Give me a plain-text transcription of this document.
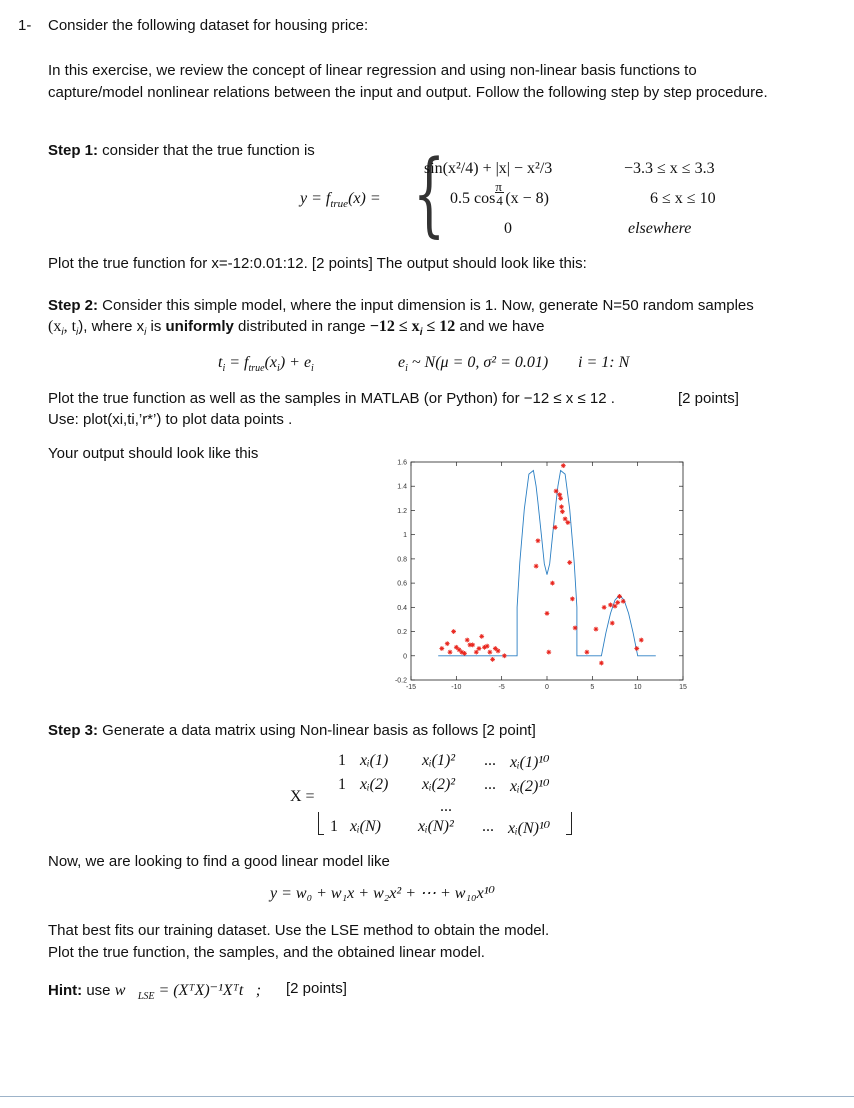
1- Consider the following dataset for housing price:
In this exercise, we review the concept of linear regression and using non-linear basis functions to
capture/model nonlinear relations between the input and output. Follow the following step by step procedure.
Step 1: consider that the true function is
$y = f_{true}(x)$ = {
sin(x²/4) + |x| − x²/3	−3.3 ≤ x ≤ 3.3
0.5 $\cos \frac{\pi}{4} (x - 8)$	6 ≤ x ≤ 10
0	elsewhere
Plot the true function for x=-12:0.01:12. [2 points] The output should look like this:
Step 2: Consider this simple model, where the input dimension is 1. Now, generate N=50 random samples
($x_i$, $t_i$), where $x_i$ is uniformly distributed in range $-12 \le x_i \le 12$ and we have
$t_i = f_{true}(x_i) + e_i$	$e_i$ ~ N(μ = 0, σ² = 0.01) i = 1: N
Plot the true function as well as the samples in MATLAB (or Python) for −12 ≤ x ≤ 12 .	[2 points]
Use: plot(xi,ti,’r*’) to plot data points .
Your output should look like this
-0.2
0
0.2
0.4
0.6
0.8
1
1.2
1.4
1.6
-15	-10	-5	0	5	10	15
Step 3: Generate a data matrix using Non-linear basis as follows [2 point]
X =
1 xᵢ(1) xᵢ(1)² ... xᵢ(1)¹⁰
1 xᵢ(2) xᵢ(2)² ... xᵢ(2)¹⁰
...
1 xᵢ(N) xᵢ(N)² ... xᵢ(N)¹⁰
Now, we are looking to find a good linear model like
y = w₀ + w₁x + w₂x² + ⋯ + w₁₀x¹⁰
That best fits our training dataset. Use the LSE method to obtain the model.
Plot the true function, the samples, and the obtained linear model.
Hint: use $w⃗_{LSE}$ = (XᵀX)⁻¹Xᵀt⃗; [2 points]
